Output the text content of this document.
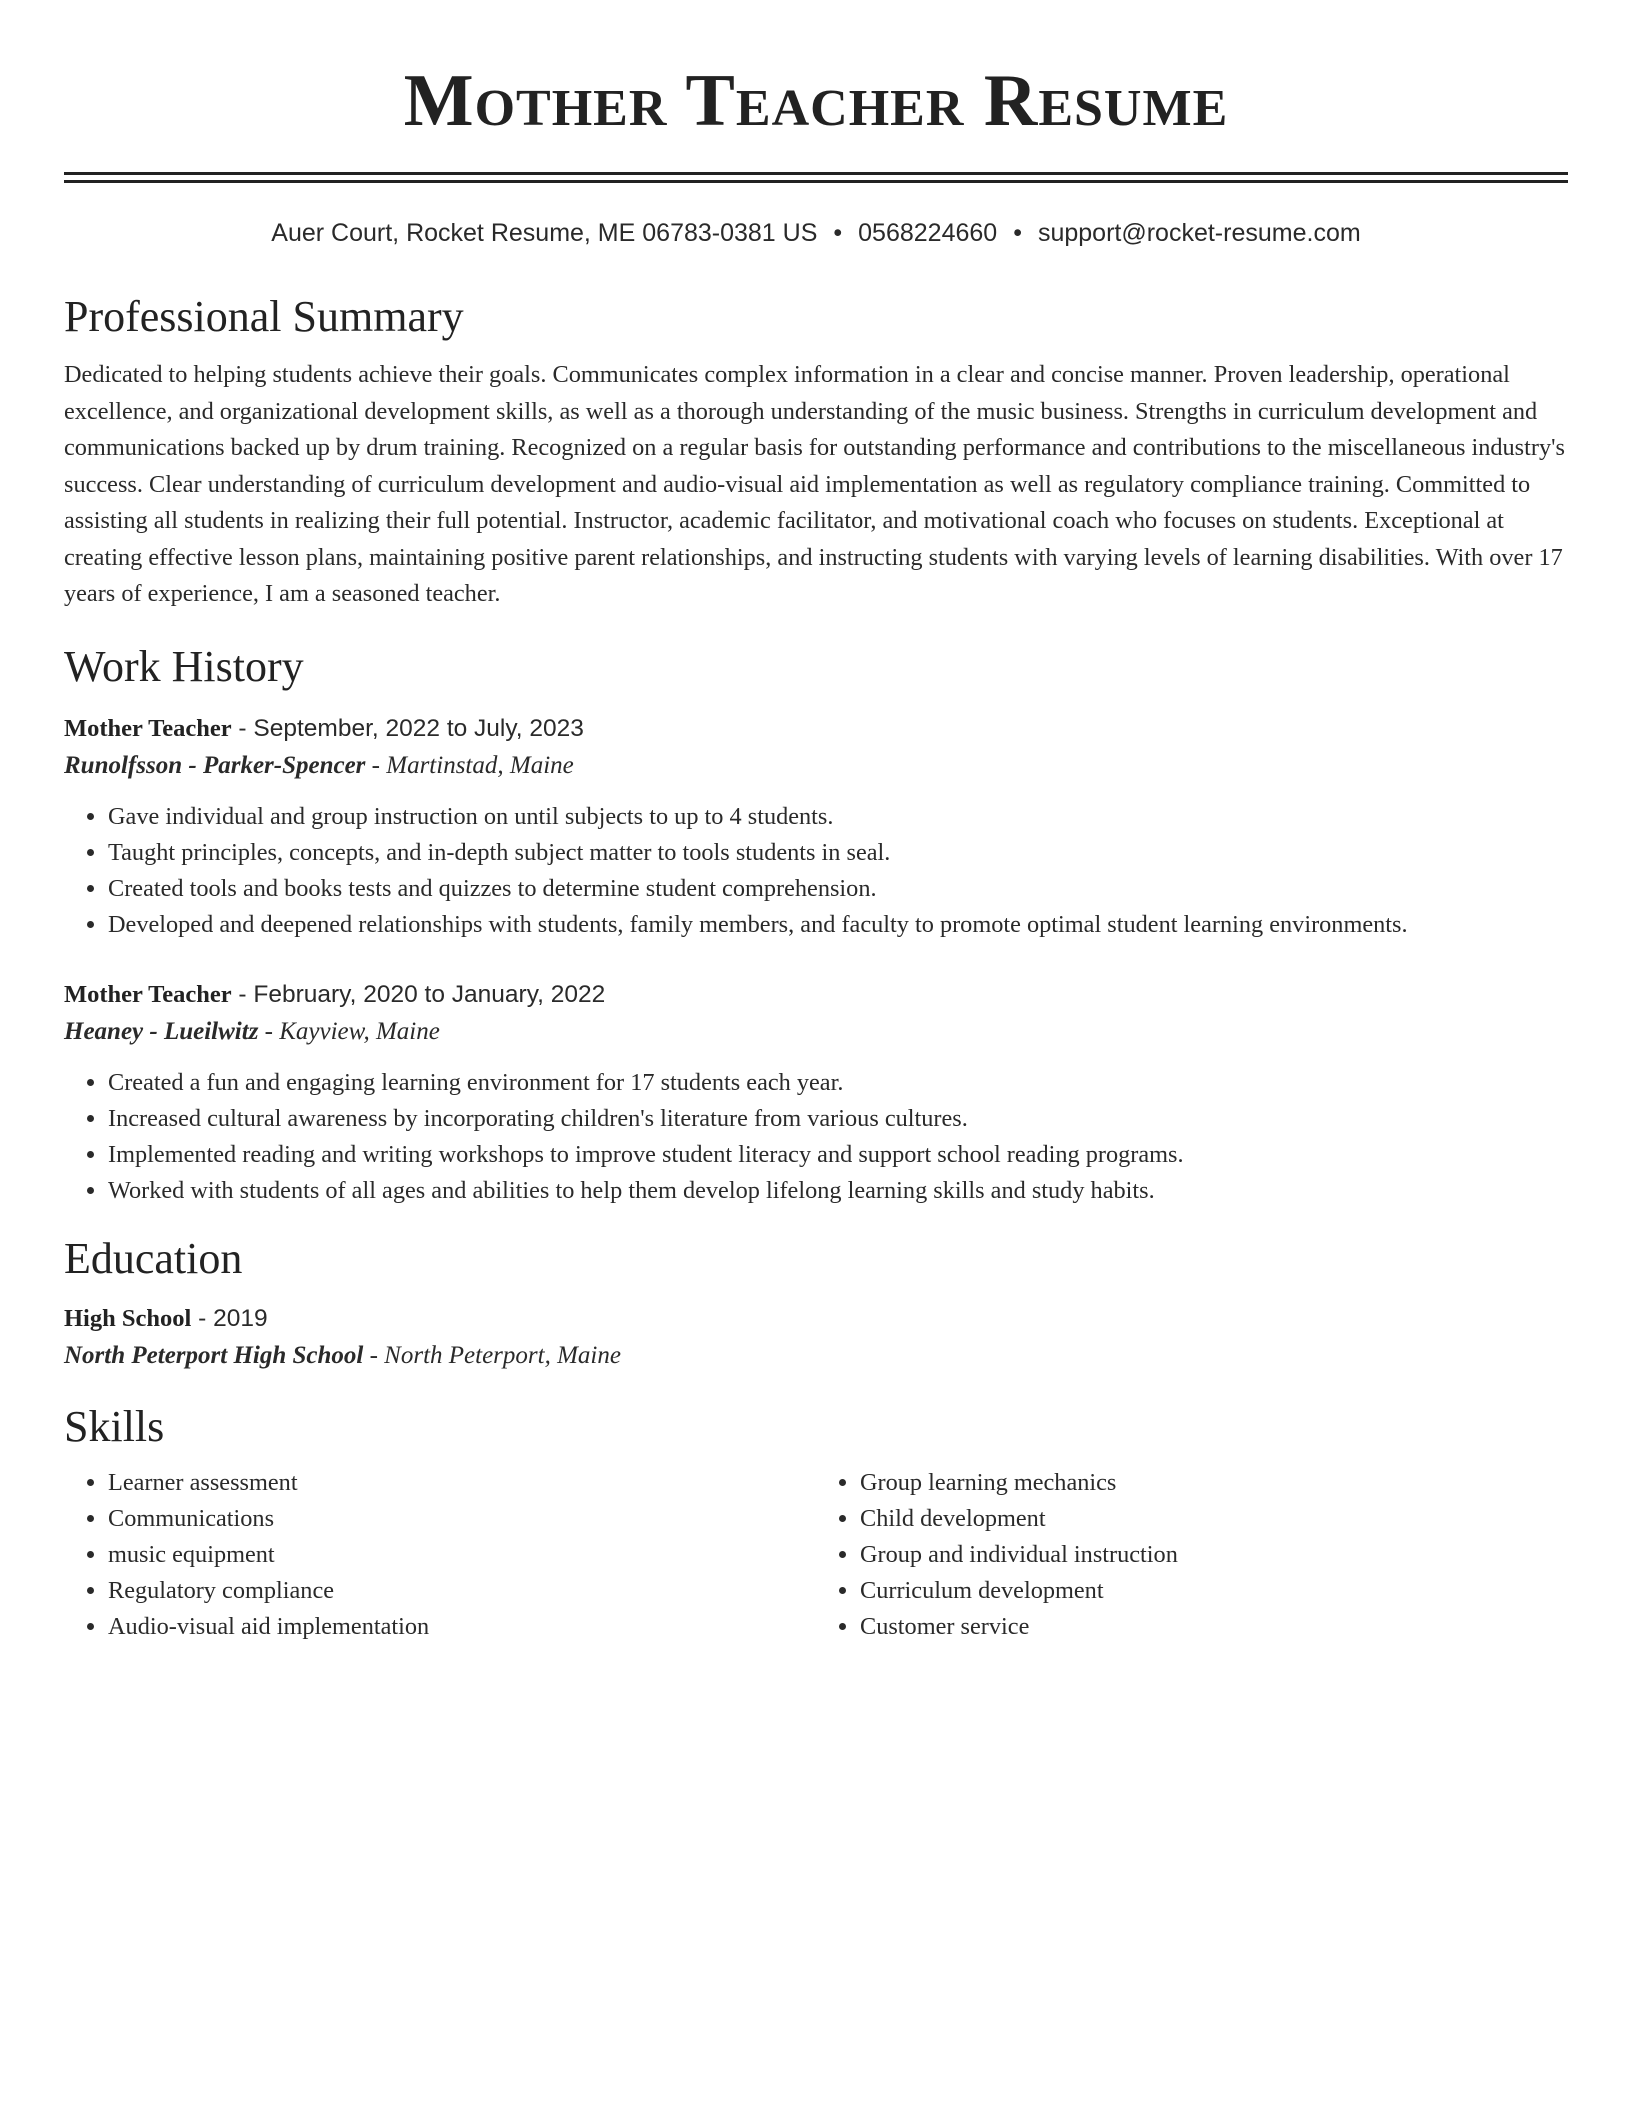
Mother Teacher Resume
Auer Court, Rocket Resume, ME 06783-0381 US • 0568224660 • support@rocket-resume.com
Professional Summary

Dedicated to helping students achieve their goals. Communicates complex information in a clear and concise manner. Proven leadership, operational excellence, and organizational development skills, as well as a thorough understanding of the music business. Strengths in curriculum development and communications backed up by drum training. Recognized on a regular basis for outstanding performance and contributions to the miscellaneous industry's success. Clear understanding of curriculum development and audio-visual aid implementation as well as regulatory compliance training. Committed to assisting all students in realizing their full potential. Instructor, academic facilitator, and motivational coach who focuses on students. Exceptional at creating effective lesson plans, maintaining positive parent relationships, and instructing students with varying levels of learning disabilities. With over 17 years of experience, I am a seasoned teacher.

Work History
Mother Teacher - September, 2022 to July, 2023
Runolfsson - Parker-Spencer - Martinstad, Maine
• Gave individual and group instruction on until subjects to up to 4 students.
• Taught principles, concepts, and in-depth subject matter to tools students in seal.
• Created tools and books tests and quizzes to determine student comprehension.
• Developed and deepened relationships with students, family members, and faculty to promote optimal student learning environments.
Mother Teacher - February, 2020 to January, 2022
Heaney - Lueilwitz - Kayview, Maine
• Created a fun and engaging learning environment for 17 students each year.
• Increased cultural awareness by incorporating children's literature from various cultures.
• Implemented reading and writing workshops to improve student literacy and support school reading programs.
• Worked with students of all ages and abilities to help them develop lifelong learning skills and study habits.
Education
High School - 2019
North Peterport High School - North Peterport, Maine
Skills
• Learner assessment
• Communications
• music equipment
• Regulatory compliance
• Audio-visual aid implementation
• Group learning mechanics
• Child development
• Group and individual instruction
• Curriculum development
• Customer service
